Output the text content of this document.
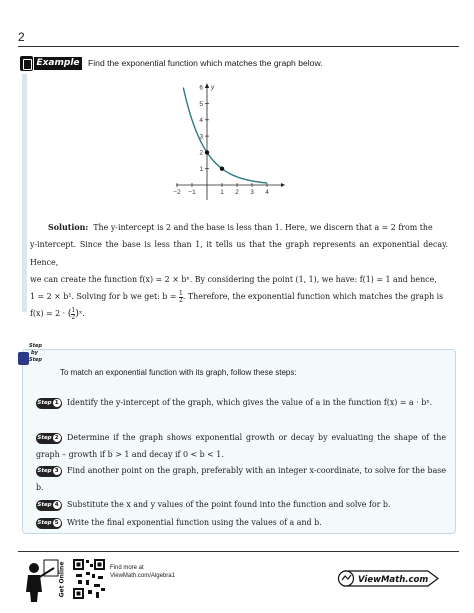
2
Example Find the exponential function which matches the graph below.
−2 −1	1 2 3 4
1
2
3
4
5
6 y

Solution: The y-intercept is 2 and the base is less than 1. Here, we discern that a = 2 from the

y-intercept. Since the base is less than 1, it tells us that the graph represents an exponential decay. Hence,
we can create the function f(x) = 2 × bˣ. By considering the point (1, 1), we have: f(1) = 1 and hence,
1 = 2 × b¹. Solving for b we get: $b = \frac{1}{2}$ . Therefore, the exponential function which matches the graph is
f(x) = 2 · ( $\frac{1}{2}$ )ˣ.
Step
by
Step
To match an exponential function with its graph, follow these steps:
Step 1	Identify the y-intercept of the graph, which gives the value of a in the function f(x) = a · bˣ.
Step 2	Determine if the graph shows exponential growth or decay by evaluating the shape of the graph – growth if b > 1 and decay if 0 < b < 1.
Step 3	Find another point on the graph, preferably with an integer x-coordinate, to solve for the base b.
Step 4	Substitute the x and y values of the point found into the function and solve for b.
Step 5	Write the final exponential function using the values of a and b.
Get Online	Find more at
ViewMath.com/Algebra1	ViewMath.com
